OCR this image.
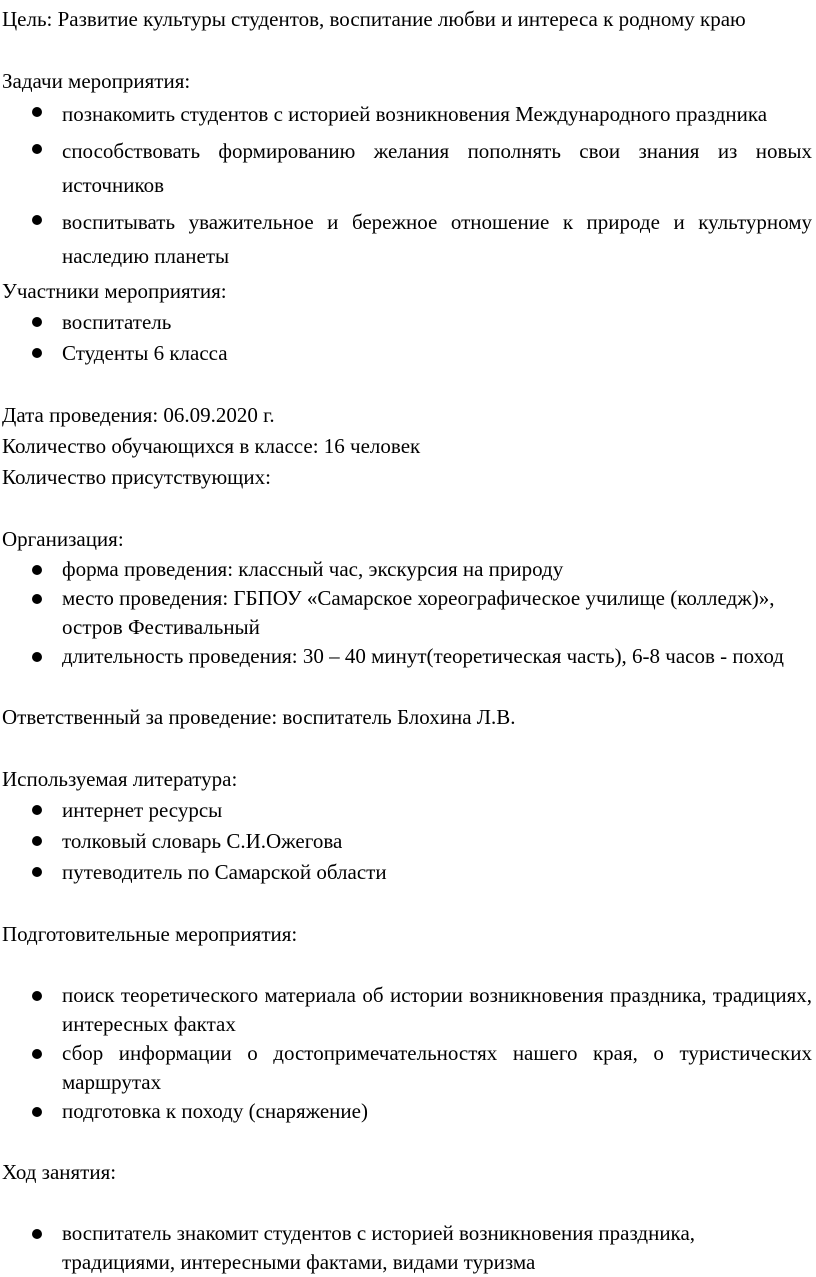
Цель: Развитие культуры студентов, воспитание любви и интереса к родному краю

Задачи мероприятия:

познакомить студентов с историей возникновения Международного праздника
способствовать формированию желания пополнять свои знания из новых источников
воспитывать уважительное и бережное отношение к природе и культурному наследию планеты

Участники мероприятия:

воспитатель
Студенты 6 класса

Дата проведения: 06.09.2020 г.

Количество обучающихся в классе: 16 человек

Количество присутствующих:

Организация:

форма проведения: классный час, экскурсия на природу
место проведения: ГБПОУ «Самарское хореографическое училище (колледж)», остров Фестивальный
длительность проведения: 30 – 40 минут(теоретическая часть), 6-8 часов - поход

Ответственный за проведение: воспитатель Блохина Л.В.

Используемая литература:

интернет ресурсы
толковый словарь С.И.Ожегова
путеводитель по Самарской области

Подготовительные мероприятия:

поиск теоретического материала об истории возникновения праздника, традициях, интересных фактах
сбор информации о достопримечательностях нашего края, о туристических маршрутах
подготовка к походу (снаряжение)

Ход занятия:

воспитатель знакомит студентов с историей возникновения праздника, традициями, интересными фактами, видами туризма
